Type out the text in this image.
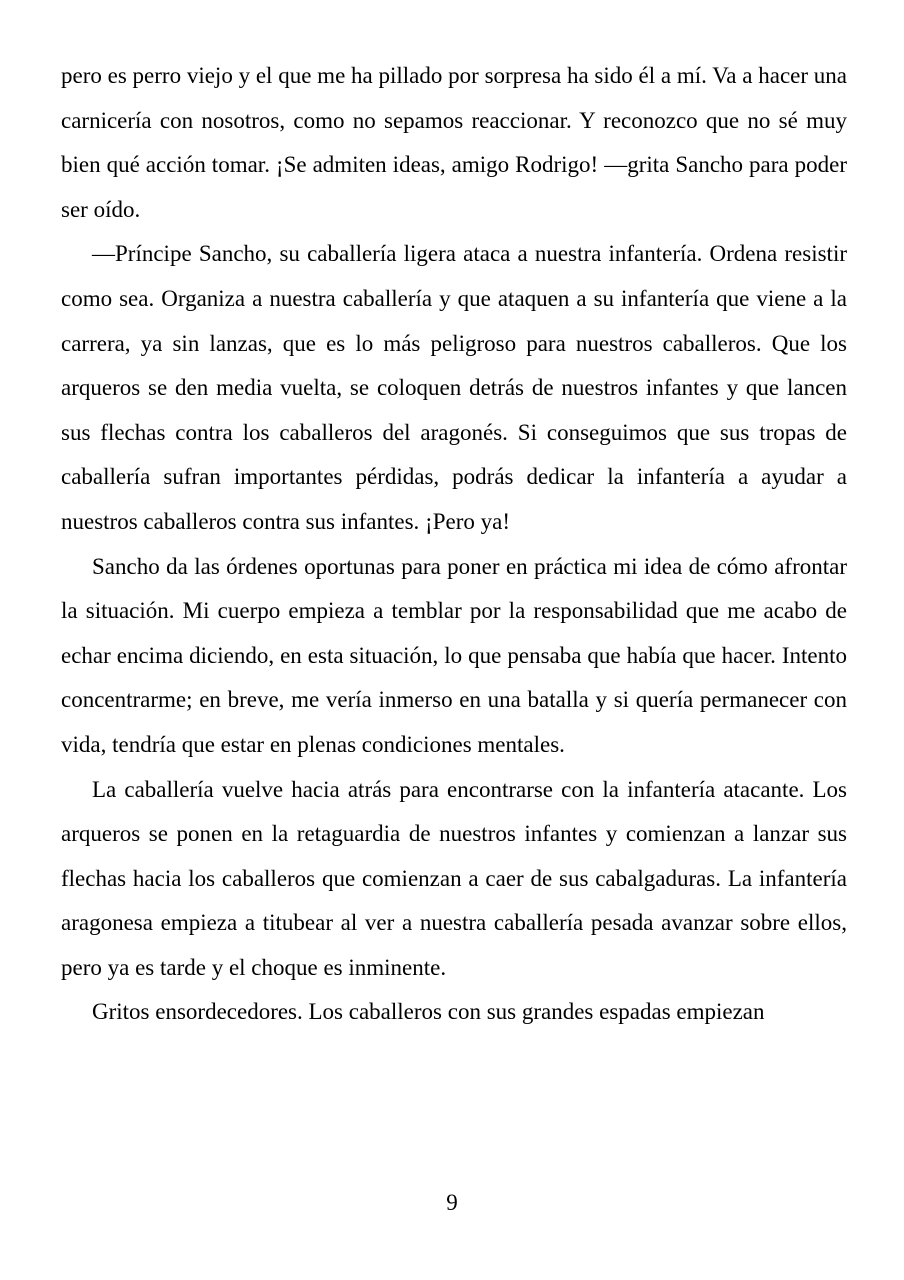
pero es perro viejo y el que me ha pillado por sorpresa ha sido él a mí. Va a hacer una carnicería con nosotros, como no sepamos reaccionar. Y reconozco que no sé muy bien qué acción tomar. ¡Se admiten ideas, amigo Rodrigo! —grita Sancho para poder ser oído.

—Príncipe Sancho, su caballería ligera ataca a nuestra infantería. Ordena resistir como sea. Organiza a nuestra caballería y que ataquen a su infantería que viene a la carrera, ya sin lanzas, que es lo más peligroso para nuestros caballeros. Que los arqueros se den media vuelta, se coloquen detrás de nuestros infantes y que lancen sus flechas contra los caballeros del aragonés. Si conseguimos que sus tropas de caballería sufran importantes pérdidas, podrás dedicar la infantería a ayudar a nuestros caballeros contra sus infantes. ¡Pero ya!

Sancho da las órdenes oportunas para poner en práctica mi idea de cómo afrontar la situación. Mi cuerpo empieza a temblar por la responsabilidad que me acabo de echar encima diciendo, en esta situación, lo que pensaba que había que hacer. Intento concentrarme; en breve, me vería inmerso en una batalla y si quería permanecer con vida, tendría que estar en plenas condiciones mentales.

La caballería vuelve hacia atrás para encontrarse con la infantería atacante. Los arqueros se ponen en la retaguardia de nuestros infantes y comienzan a lanzar sus flechas hacia los caballeros que comienzan a caer de sus cabalgaduras. La infantería aragonesa empieza a titubear al ver a nuestra caballería pesada avanzar sobre ellos, pero ya es tarde y el choque es inminente.

Gritos ensordecedores. Los caballeros con sus grandes espadas empiezan

9
